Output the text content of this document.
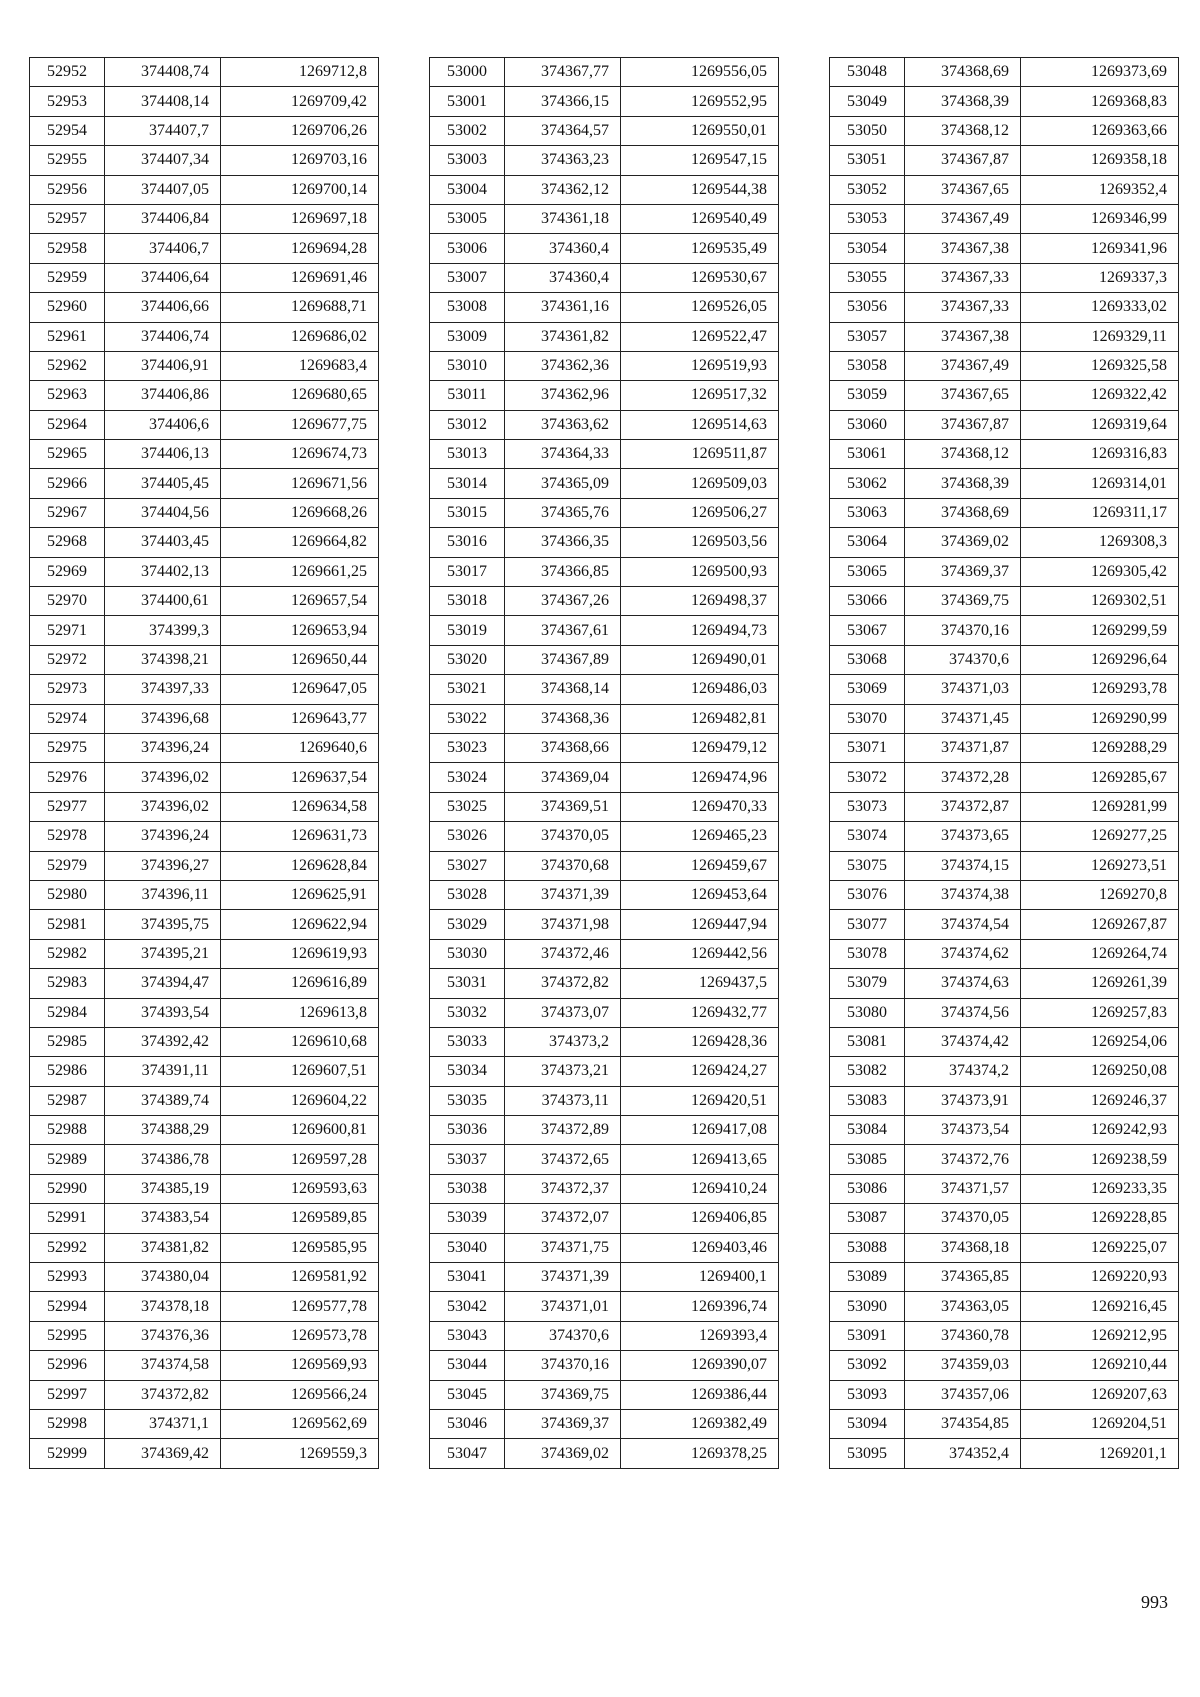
52952	374408,74	1269712,8
52953	374408,14	1269709,42
52954	374407,7	1269706,26
52955	374407,34	1269703,16
52956	374407,05	1269700,14
52957	374406,84	1269697,18
52958	374406,7	1269694,28
52959	374406,64	1269691,46
52960	374406,66	1269688,71
52961	374406,74	1269686,02
52962	374406,91	1269683,4
52963	374406,86	1269680,65
52964	374406,6	1269677,75
52965	374406,13	1269674,73
52966	374405,45	1269671,56
52967	374404,56	1269668,26
52968	374403,45	1269664,82
52969	374402,13	1269661,25
52970	374400,61	1269657,54
52971	374399,3	1269653,94
52972	374398,21	1269650,44
52973	374397,33	1269647,05
52974	374396,68	1269643,77
52975	374396,24	1269640,6
52976	374396,02	1269637,54
52977	374396,02	1269634,58
52978	374396,24	1269631,73
52979	374396,27	1269628,84
52980	374396,11	1269625,91
52981	374395,75	1269622,94
52982	374395,21	1269619,93
52983	374394,47	1269616,89
52984	374393,54	1269613,8
52985	374392,42	1269610,68
52986	374391,11	1269607,51
52987	374389,74	1269604,22
52988	374388,29	1269600,81
52989	374386,78	1269597,28
52990	374385,19	1269593,63
52991	374383,54	1269589,85
52992	374381,82	1269585,95
52993	374380,04	1269581,92
52994	374378,18	1269577,78
52995	374376,36	1269573,78
52996	374374,58	1269569,93
52997	374372,82	1269566,24
52998	374371,1	1269562,69
52999	374369,42	1269559,3
53000	374367,77	1269556,05
53001	374366,15	1269552,95
53002	374364,57	1269550,01
53003	374363,23	1269547,15
53004	374362,12	1269544,38
53005	374361,18	1269540,49
53006	374360,4	1269535,49
53007	374360,4	1269530,67
53008	374361,16	1269526,05
53009	374361,82	1269522,47
53010	374362,36	1269519,93
53011	374362,96	1269517,32
53012	374363,62	1269514,63
53013	374364,33	1269511,87
53014	374365,09	1269509,03
53015	374365,76	1269506,27
53016	374366,35	1269503,56
53017	374366,85	1269500,93
53018	374367,26	1269498,37
53019	374367,61	1269494,73
53020	374367,89	1269490,01
53021	374368,14	1269486,03
53022	374368,36	1269482,81
53023	374368,66	1269479,12
53024	374369,04	1269474,96
53025	374369,51	1269470,33
53026	374370,05	1269465,23
53027	374370,68	1269459,67
53028	374371,39	1269453,64
53029	374371,98	1269447,94
53030	374372,46	1269442,56
53031	374372,82	1269437,5
53032	374373,07	1269432,77
53033	374373,2	1269428,36
53034	374373,21	1269424,27
53035	374373,11	1269420,51
53036	374372,89	1269417,08
53037	374372,65	1269413,65
53038	374372,37	1269410,24
53039	374372,07	1269406,85
53040	374371,75	1269403,46
53041	374371,39	1269400,1
53042	374371,01	1269396,74
53043	374370,6	1269393,4
53044	374370,16	1269390,07
53045	374369,75	1269386,44
53046	374369,37	1269382,49
53047	374369,02	1269378,25
53048	374368,69	1269373,69
53049	374368,39	1269368,83
53050	374368,12	1269363,66
53051	374367,87	1269358,18
53052	374367,65	1269352,4
53053	374367,49	1269346,99
53054	374367,38	1269341,96
53055	374367,33	1269337,3
53056	374367,33	1269333,02
53057	374367,38	1269329,11
53058	374367,49	1269325,58
53059	374367,65	1269322,42
53060	374367,87	1269319,64
53061	374368,12	1269316,83
53062	374368,39	1269314,01
53063	374368,69	1269311,17
53064	374369,02	1269308,3
53065	374369,37	1269305,42
53066	374369,75	1269302,51
53067	374370,16	1269299,59
53068	374370,6	1269296,64
53069	374371,03	1269293,78
53070	374371,45	1269290,99
53071	374371,87	1269288,29
53072	374372,28	1269285,67
53073	374372,87	1269281,99
53074	374373,65	1269277,25
53075	374374,15	1269273,51
53076	374374,38	1269270,8
53077	374374,54	1269267,87
53078	374374,62	1269264,74
53079	374374,63	1269261,39
53080	374374,56	1269257,83
53081	374374,42	1269254,06
53082	374374,2	1269250,08
53083	374373,91	1269246,37
53084	374373,54	1269242,93
53085	374372,76	1269238,59
53086	374371,57	1269233,35
53087	374370,05	1269228,85
53088	374368,18	1269225,07
53089	374365,85	1269220,93
53090	374363,05	1269216,45
53091	374360,78	1269212,95
53092	374359,03	1269210,44
53093	374357,06	1269207,63
53094	374354,85	1269204,51
53095	374352,4	1269201,1
993
